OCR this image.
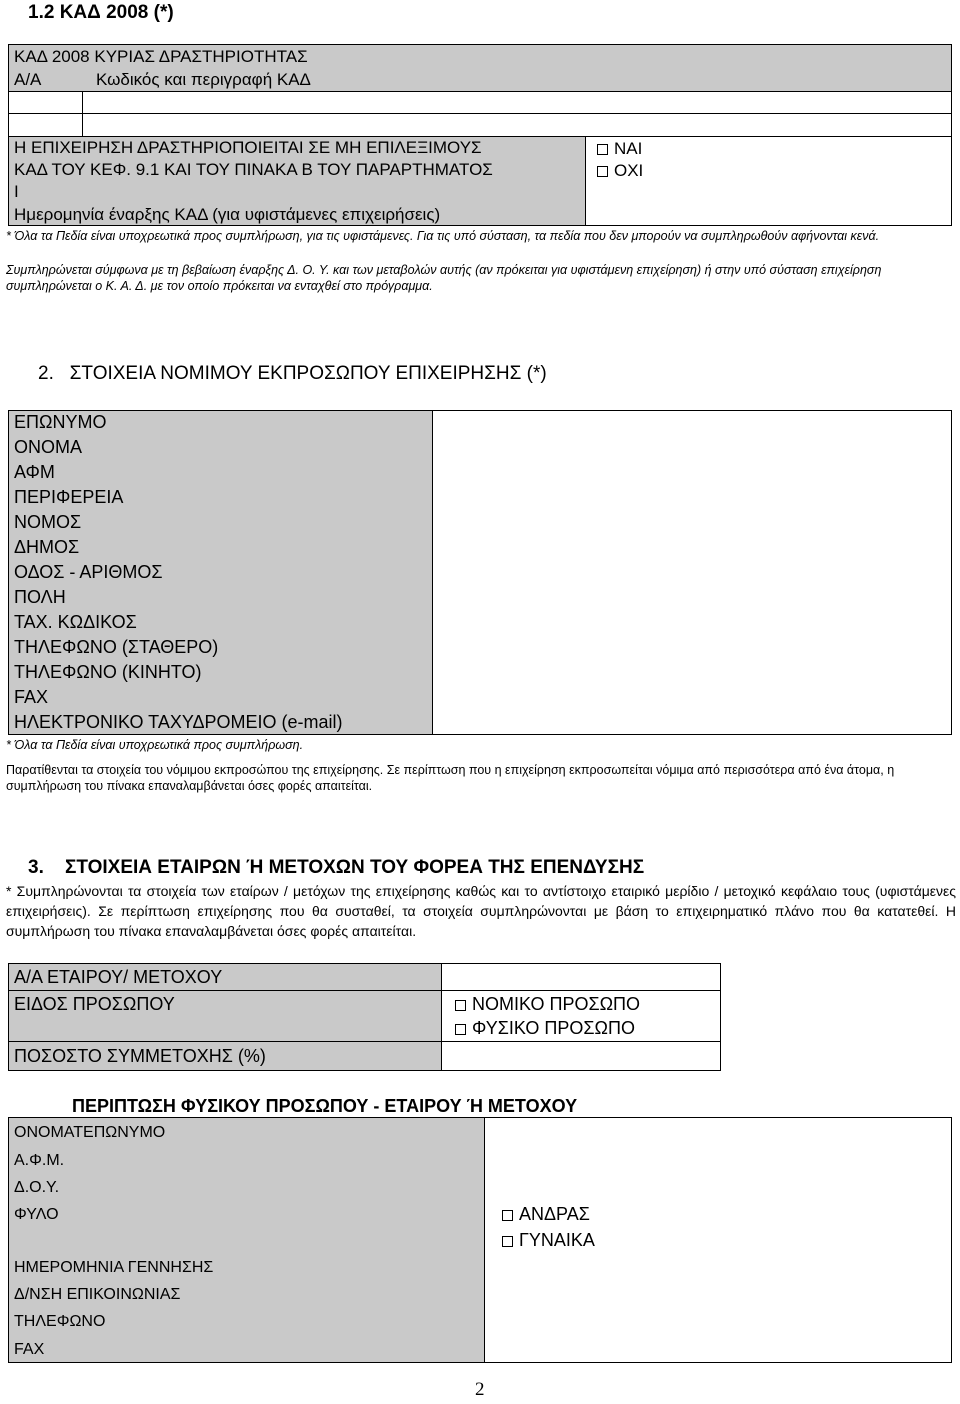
1.2 ΚΑΔ 2008 (*)
ΚΑΔ 2008 ΚΥΡΙΑΣ ΔΡΑΣΤΗΡΙΟΤΗΤΑΣ
Α/Α	Κωδικός και περιγραφή ΚΑΔ
Η ΕΠΙΧΕΙΡΗΣΗ ΔΡΑΣΤΗΡΙΟΠΟΙΕΙΤΑΙ ΣΕ ΜΗ ΕΠΙΛΕΞΙΜΟΥΣ
ΚΑΔ ΤΟΥ ΚΕΦ. 9.1 ΚΑΙ ΤΟΥ ΠΙΝΑΚΑ Β ΤΟΥ ΠΑΡΑΡΤΗΜΑΤΟΣ
Ι
Ημερομηνία έναρξης ΚΑΔ (για υφιστάμενες επιχειρήσεις)
ΝΑΙ
ΟΧΙ
* Όλα τα Πεδία είναι υποχρεωτικά προς συμπλήρωση, για τις υφιστάμενες. Για τις υπό σύσταση, τα πεδία που δεν μπορούν να συμπληρωθούν αφήνονται κενά.
Συμπληρώνεται σύμφωνα με τη βεβαίωση έναρξης Δ. Ο. Υ. και των μεταβολών αυτής (αν πρόκειται για υφιστάμενη επιχείρηση) ή στην υπό σύσταση επιχείρηση συμπληρώνεται ο Κ. Α. Δ. με τον οποίο πρόκειται να ενταχθεί στο πρόγραμμα.
2.   ΣΤΟΙΧΕΙΑ ΝΟΜΙΜΟΥ ΕΚΠΡΟΣΩΠΟΥ ΕΠΙΧΕΙΡΗΣΗΣ (*)
ΕΠΩΝΥΜΟ
ΟΝΟΜΑ
ΑΦΜ
ΠΕΡΙΦΕΡΕΙΑ
ΝΟΜΟΣ
ΔΗΜΟΣ
ΟΔΟΣ - ΑΡΙΘΜΟΣ
ΠΟΛΗ
ΤΑΧ. ΚΩΔΙΚΟΣ
ΤΗΛΕΦΩΝΟ (ΣΤΑΘΕΡΟ)
ΤΗΛΕΦΩΝΟ (ΚΙΝΗΤΟ)
FAX
ΗΛΕΚΤΡΟΝΙΚΟ ΤΑΧΥΔΡΟΜΕΙΟ (e-mail)
* Όλα τα Πεδία είναι υποχρεωτικά προς συμπλήρωση.
Παρατίθενται τα στοιχεία του νόμιμου εκπροσώπου της επιχείρησης. Σε περίπτωση που η επιχείρηση εκπροσωπείται νόμιμα από περισσότερα από ένα άτομα, η συμπλήρωση του πίνακα επαναλαμβάνεται όσες φορές απαιτείται.
3.    ΣΤΟΙΧΕΙΑ ΕΤΑΙΡΩΝ Ή ΜΕΤΟΧΩΝ ΤΟΥ ΦΟΡΕΑ ΤΗΣ ΕΠΕΝΔΥΣΗΣ
* Συμπληρώνονται τα στοιχεία των εταίρων / μετόχων της επιχείρησης καθώς και το αντίστοιχο εταιρικό μερίδιο / μετοχικό κεφάλαιο τους (υφιστάμενες επιχειρήσεις). Σε περίπτωση επιχείρησης που θα συσταθεί, τα στοιχεία συμπληρώνονται με βάση το επιχειρηματικό πλάνο που θα κατατεθεί. Η συμπλήρωση του πίνακα επαναλαμβάνεται όσες φορές απαιτείται.
Α/Α ΕΤΑΙΡΟΥ/ ΜΕΤΟΧΟΥ
ΕΙΔΟΣ ΠΡΟΣΩΠΟΥ
ΠΟΣΟΣΤΟ ΣΥΜΜΕΤΟΧΗΣ (%)
ΝΟΜΙΚΟ ΠΡΟΣΩΠΟ
ΦΥΣΙΚΟ ΠΡΟΣΩΠΟ
ΠΕΡΙΠΤΩΣΗ ΦΥΣΙΚΟΥ ΠΡΟΣΩΠΟΥ - ΕΤΑΙΡΟΥ Ή ΜΕΤΟΧΟΥ
ΟΝΟΜΑΤΕΠΩΝΥΜΟ
Α.Φ.Μ.
Δ.Ο.Υ.
ΦΥΛΟ
ΗΜΕΡΟΜΗΝΙΑ ΓΕΝΝΗΣΗΣ
Δ/ΝΣΗ ΕΠΙΚΟΙΝΩΝΙΑΣ
ΤΗΛΕΦΩΝΟ
FAX
ΑΝΔΡΑΣ
ΓΥΝΑΙΚΑ
2
